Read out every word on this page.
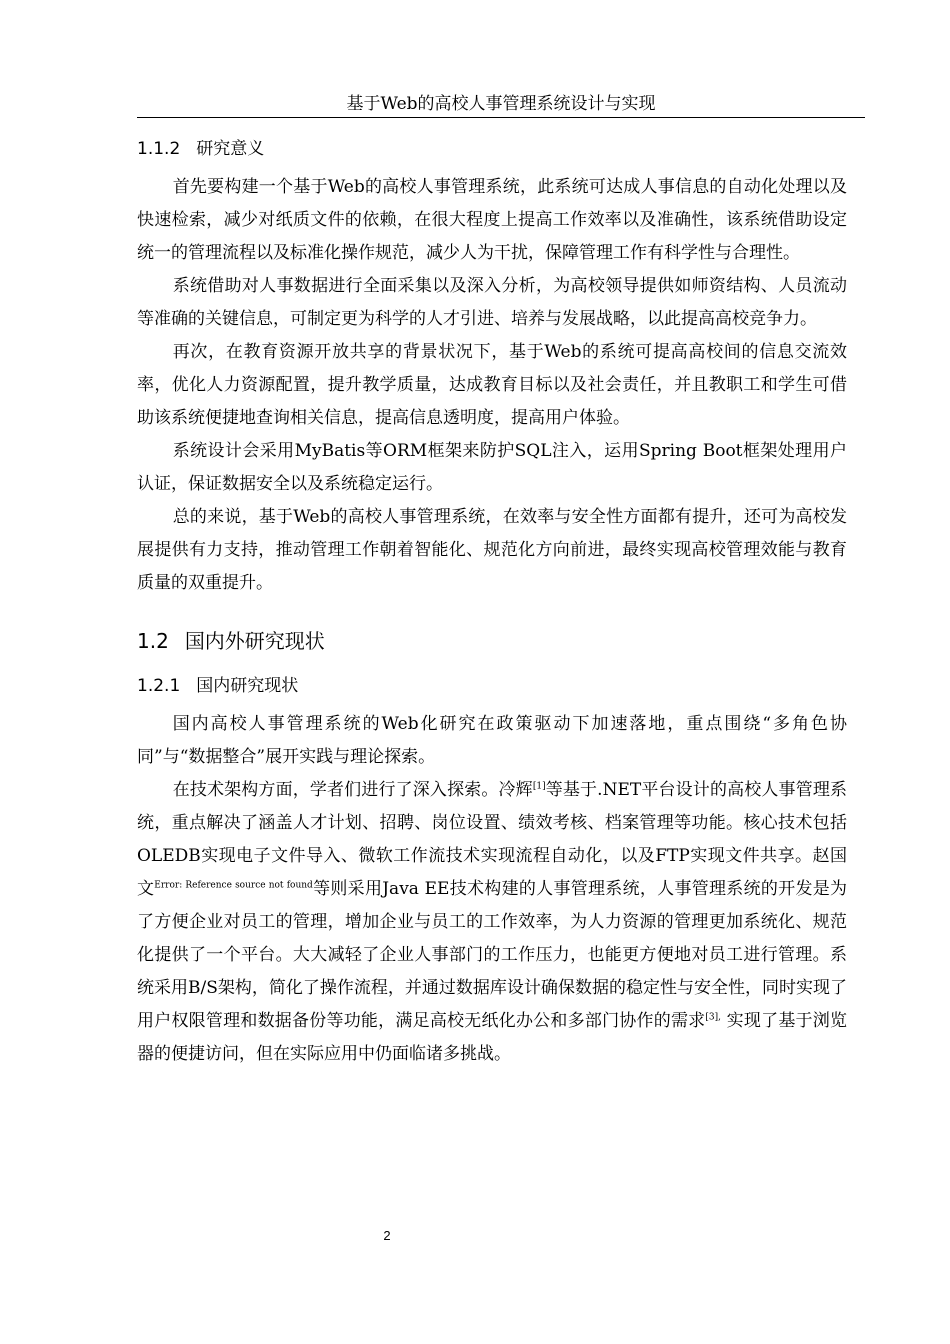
基于Web的高校人事管理系统设计与实现
1.1.2 研究意义

首先要构建一个基于Web的高校人事管理系统，此系统可达成人事信息的自动化处理以及快速检索，减少对纸质文件的依赖，在很大程度上提高工作效率以及准确性，该系统借助设定统一的管理流程以及标准化操作规范，减少人为干扰，保障管理工作有科学性与合理性。

系统借助对人事数据进行全面采集以及深入分析，为高校领导提供如师资结构、人员流动等准确的关键信息，可制定更为科学的人才引进、培养与发展战略，以此提高高校竞争力。

再次，在教育资源开放共享的背景状况下，基于Web的系统可提高高校间的信息交流效率，优化人力资源配置，提升教学质量，达成教育目标以及社会责任，并且教职工和学生可借助该系统便捷地查询相关信息，提高信息透明度，提高用户体验。

系统设计会采用MyBatis等ORM框架来防护SQL注入，运用Spring Boot框架处理用户认证，保证数据安全以及系统稳定运行。

总的来说，基于Web的高校人事管理系统，在效率与安全性方面都有提升，还可为高校发展提供有力支持，推动管理工作朝着智能化、规范化方向前进，最终实现高校管理效能与教育质量的双重提升。

1.2 国内外研究现状
1.2.1 国内研究现状

国内高校人事管理系统的Web化研究在政策驱动下加速落地，重点围绕“多角色协同”与“数据整合”展开实践与理论探索。

在技术架构方面，学者们进行了深入探索。冷辉[1]等基于.NET平台设计的高校人事管理系统，重点解决了涵盖人才计划、招聘、岗位设置、绩效考核、档案管理等功能。核心技术包括OLEDB实现电子文件导入、微软工作流技术实现流程自动化，以及FTP实现文件共享。赵国文$^{Error: Reference source not found}$等则采用Java EE技术构建的人事管理系统，人事管理系统的开发是为了方便企业对员工的管理，增加企业与员工的工作效率，为人力资源的管理更加系统化、规范化提供了一个平台。大大减轻了企业人事部门的工作压力，也能更方便地对员工进行管理。系统采用B/S架构，简化了操作流程，并通过数据库设计确保数据的稳定性与安全性，同时实现了用户权限管理和数据备份等功能，满足高校无纸化办公和多部门协作的需求$^{[3],}$ 实现了基于浏览器的便捷访问，但在实际应用中仍面临诸多挑战。

2
